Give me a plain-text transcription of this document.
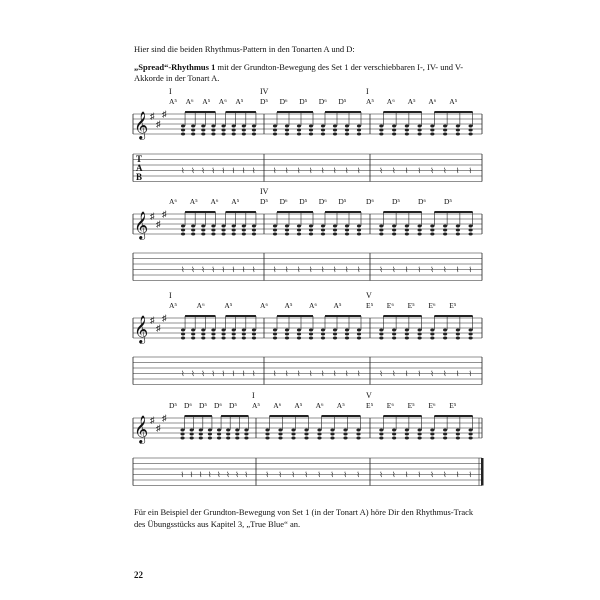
Hier sind die beiden Rhythmus-Pattern in den Tonarten A und D:
„Spread“-Rhythmus 1 mit der Grundton-Bewegung des Set 1 der verschiebbaren I-, IV- und V-Akkorde in der Tonart A.
𝄞 ♯
♯
♯
T
A
B
⌇ ⌇ ⌇ ⌇ ⌇ ⌇ ⌇ ⌇
I
A⁵ A⁶ A⁵ A⁶ A⁵
⌇ ⌇ ⌇ ⌇ ⌇ ⌇ ⌇ ⌇
IV
D⁵ D⁶ D⁵ D⁶ D⁵
⌇ ⌇ ⌇ ⌇ ⌇ ⌇ ⌇ ⌇
I
A⁵ A⁶ A⁵ A⁶ A⁵
𝄞 ♯
♯
♯
⌇ ⌇ ⌇ ⌇ ⌇ ⌇ ⌇ ⌇
A⁶ A⁵ A⁶ A⁵
⌇ ⌇ ⌇ ⌇ ⌇ ⌇ ⌇ ⌇
IV
D⁵ D⁶ D⁵ D⁶ D⁵
⌇ ⌇ ⌇ ⌇ ⌇ ⌇ ⌇ ⌇
D⁶ D⁵ D⁶ D⁵
𝄞 ♯
♯
♯
⌇ ⌇ ⌇ ⌇ ⌇ ⌇ ⌇ ⌇
I
A⁵	A⁶	A⁵
⌇ ⌇ ⌇ ⌇ ⌇ ⌇ ⌇ ⌇
A⁶ A⁵ A⁶ A⁵
⌇ ⌇ ⌇ ⌇ ⌇ ⌇ ⌇ ⌇
V
E⁵ E⁶ E⁵ E⁶ E⁵
𝄞 ♯
♯
♯
⌇ ⌇ ⌇ ⌇ ⌇ ⌇ ⌇ ⌇
D⁵ D⁶ D⁵ D⁶ D⁵
⌇ ⌇ ⌇ ⌇ ⌇ ⌇ ⌇ ⌇
I
A⁵ A⁶ A⁵ A⁶ A⁵
⌇ ⌇ ⌇ ⌇ ⌇ ⌇ ⌇ ⌇
V
E⁵ E⁶ E⁵ E⁶ E⁵
Für ein Beispiel der Grundton-Bewegung von Set 1 (in der Tonart A) höre Dir den Rhythmus-Track des Übungsstücks aus Kapitel 3, „True Blue“ an.
22
